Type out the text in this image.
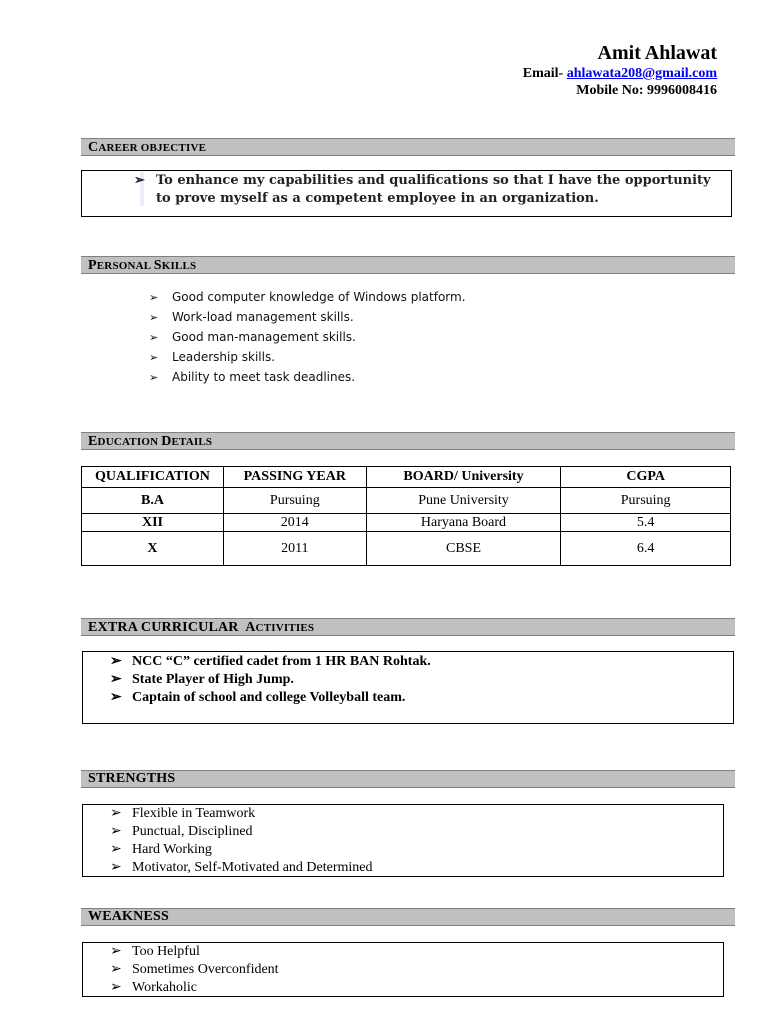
Amit Ahlawat
Email- ahlawata208@gmail.com
Mobile No: 9996008416
CAREER OBJECTIVE
➢ To enhance my capabilities and qualifications so that I have the opportunity to prove myself as a competent employee in an organization.
PERSONAL SKILLS
➢ Good computer knowledge of Windows platform.
➢ Work-load management skills.
➢ Good man-management skills.
➢ Leadership skills.
➢ Ability to meet task deadlines.
EDUCATION DETAILS
QUALIFICATION	PASSING YEAR	BOARD/ University	CGPA
B.A	Pursuing	Pune University	Pursuing
XII	2014	Haryana Board	5.4
X	2011	CBSE	6.4
EXTRA CURRICULAR  ACTIVITIES
➢ NCC “C” certified cadet from 1 HR BAN Rohtak.
➢ State Player of High Jump.
➢ Captain of school and college Volleyball team.
STRENGTHS
➢ Flexible in Teamwork
➢ Punctual, Disciplined
➢ Hard Working
➢ Motivator, Self-Motivated and Determined
WEAKNESS
➢ Too Helpful
➢ Sometimes Overconfident
➢ Workaholic
